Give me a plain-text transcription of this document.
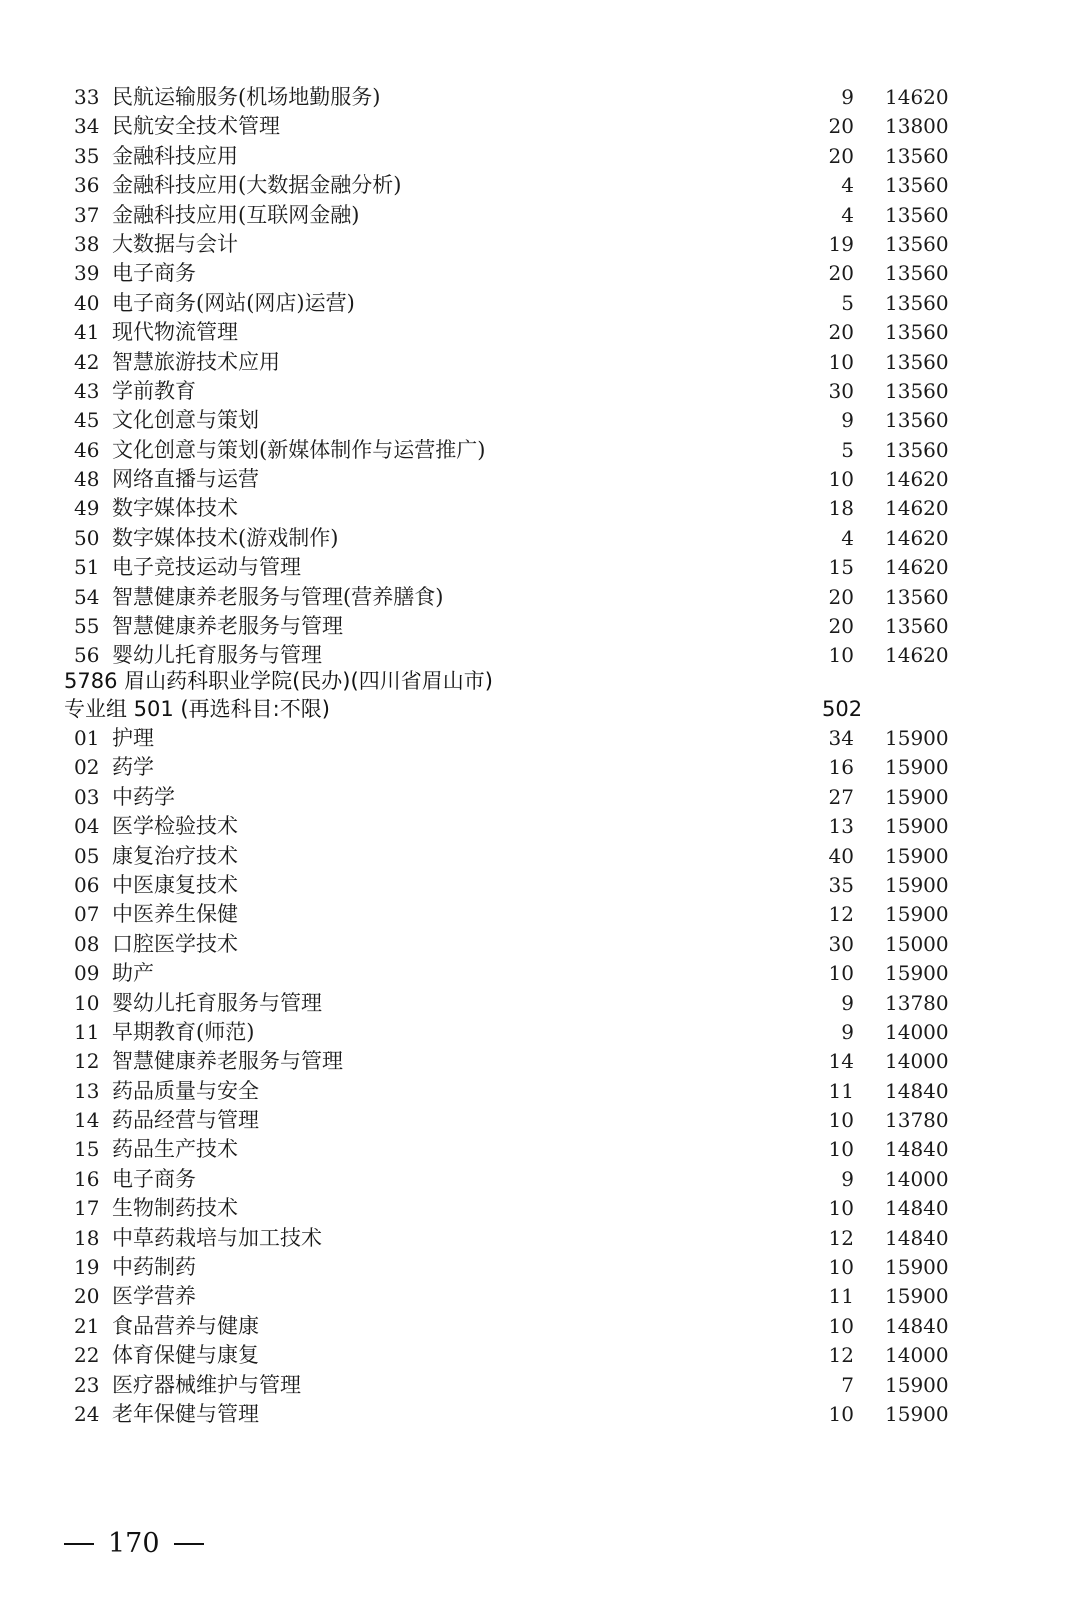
33 民航运输服务(机场地勤服务)	9 14620
34 民航安全技术管理	20 13800
35 金融科技应用	20 13560
36 金融科技应用(大数据金融分析)	4 13560
37 金融科技应用(互联网金融)	4 13560
38 大数据与会计	19 13560
39 电子商务	20 13560
40 电子商务(网站(网店)运营)	5 13560
41 现代物流管理	20 13560
42 智慧旅游技术应用	10 13560
43 学前教育	30 13560
45 文化创意与策划	9 13560
46 文化创意与策划(新媒体制作与运营推广)	5 13560
48 网络直播与运营	10 14620
49 数字媒体技术	18 14620
50 数字媒体技术(游戏制作)	4 14620
51 电子竞技运动与管理	15 14620
54 智慧健康养老服务与管理(营养膳食)	20 13560
55 智慧健康养老服务与管理	20 13560
56 婴幼儿托育服务与管理	10 14620
5786 眉山药科职业学院(民办)(四川省眉山市)
专业组 501 (再选科目:不限)	502
01 护理	34 15900
02 药学	16 15900
03 中药学	27 15900
04 医学检验技术	13 15900
05 康复治疗技术	40 15900
06 中医康复技术	35 15900
07 中医养生保健	12 15900
08 口腔医学技术	30 15000
09 助产	10 15900
10 婴幼儿托育服务与管理	9 13780
11 早期教育(师范)	9 14000
12 智慧健康养老服务与管理	14 14000
13 药品质量与安全	11 14840
14 药品经营与管理	10 13780
15 药品生产技术	10 14840
16 电子商务	9 14000
17 生物制药技术	10 14840
18 中草药栽培与加工技术	12 14840
19 中药制药	10 15900
20 医学营养	11 15900
21 食品营养与健康	10 14840
22 体育保健与康复	12 14000
23 医疗器械维护与管理	7 15900
24 老年保健与管理	10 15900
170
